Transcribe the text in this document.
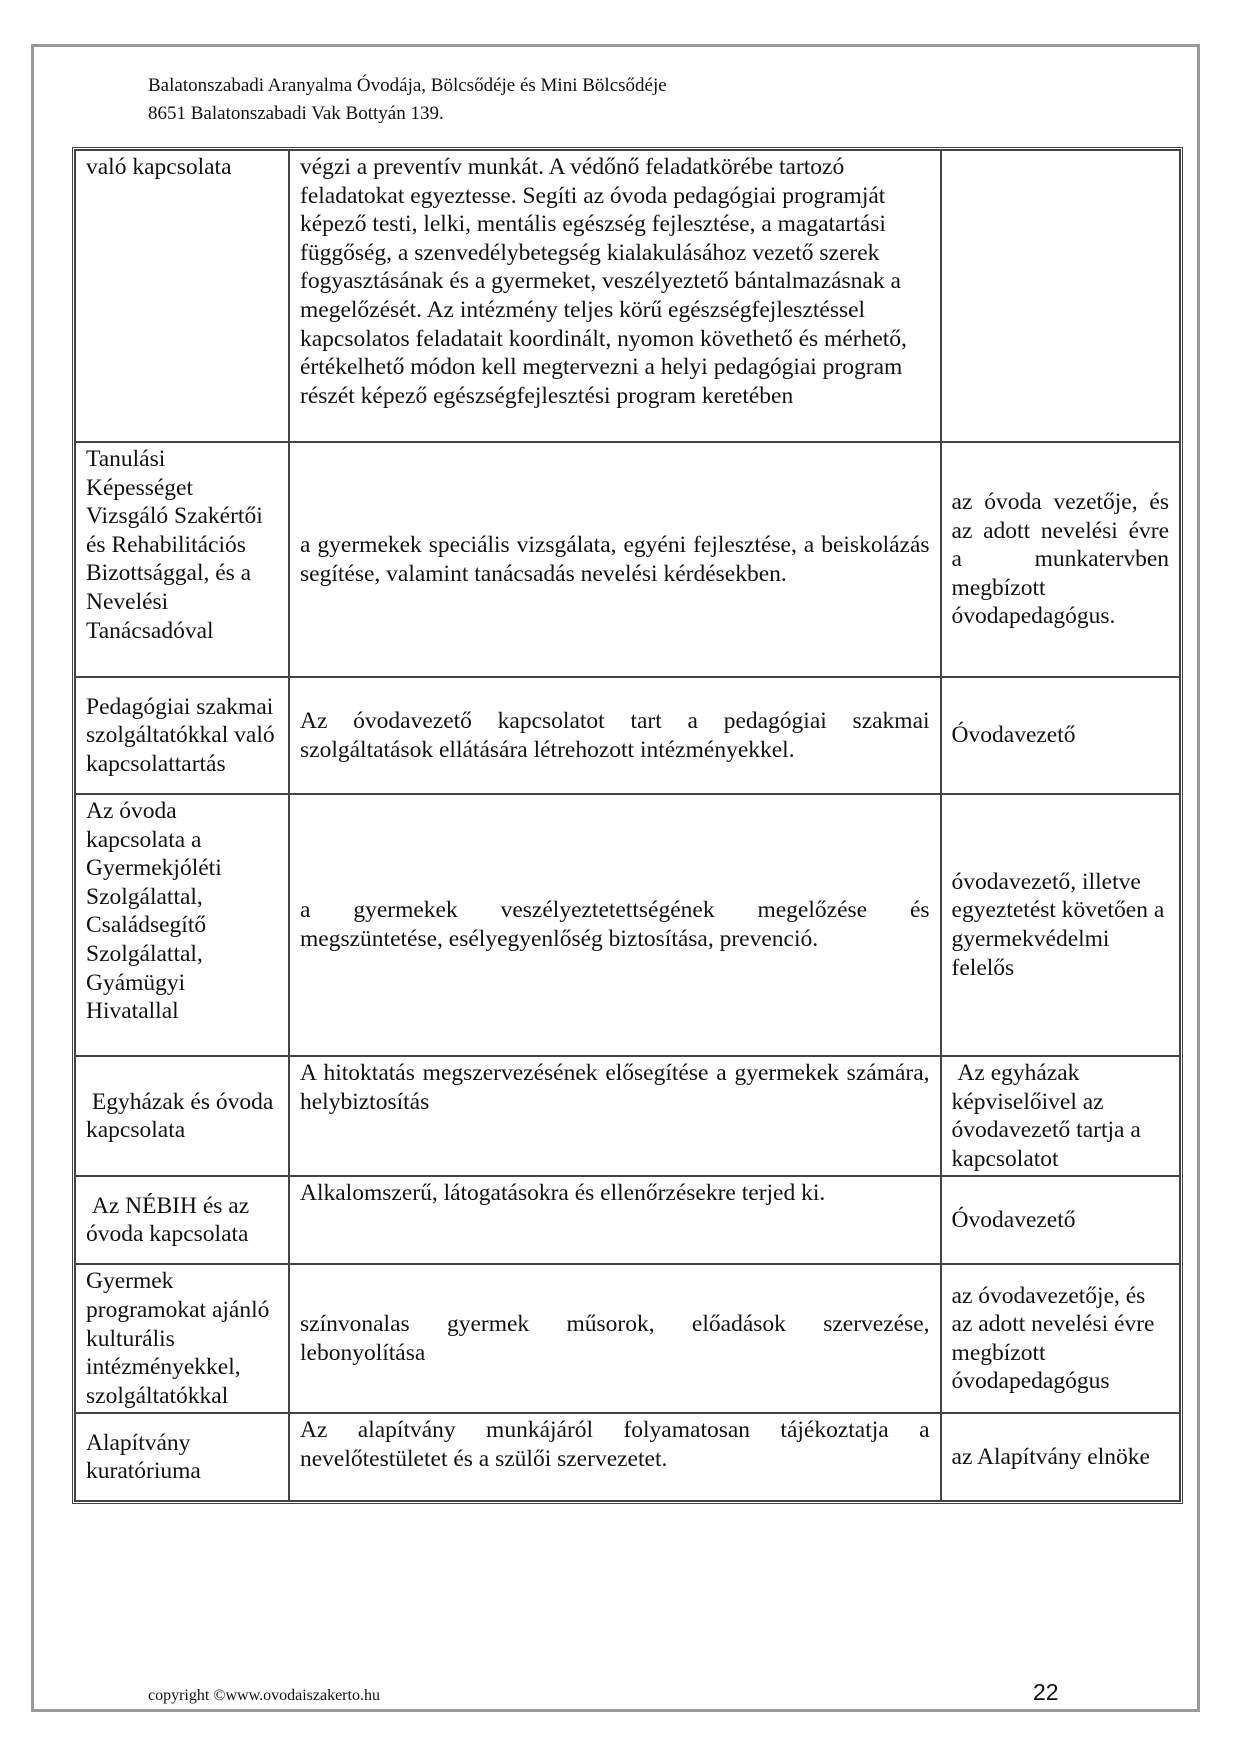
Balatonszabadi Aranyalma Óvodája, Bölcsődéje és Mini Bölcsődéje
8651 Balatonszabadi Vak Bottyán 139.
való kapcsolata	végzi a preventív munkát. A védőnő feladatkörébe tartozó feladatokat egyeztesse. Segíti az óvoda pedagógiai programját képező testi, lelki, mentális egészség fejlesztése, a magatartási függőség, a szenvedélybetegség kialakulásához vezető szerek fogyasztásának és a gyermeket, veszélyeztető bántalmazásnak a megelőzését. Az intézmény teljes körű egészségfejlesztéssel kapcsolatos feladatait koordinált, nyomon követhető és mérhető, értékelhető módon kell megtervezni a helyi pedagógiai program részét képező egészségfejlesztési program keretében	
Tanulási Képességet Vizsgáló Szakértői és Rehabilitációs Bizottsággal, és a Nevelési Tanácsadóval	a gyermekek speciális vizsgálata, egyéni fejlesztése, a beiskolázás segítése, valamint tanácsadás nevelési kérdésekben.	az óvoda vezetője, és az adott nevelési évre a munkatervben megbízott óvodapedagógus.
Pedagógiai szakmai szolgáltatókkal való kapcsolattartás	Az óvodavezető kapcsolatot tart a pedagógiai szakmai szolgáltatások ellátására létrehozott intézményekkel.	Óvodavezető
Az óvoda kapcsolata a Gyermekjóléti Szolgálattal, Családsegítő Szolgálattal, Gyámügyi Hivatallal	a gyermekek veszélyeztetettségének megelőzése és megszüntetése, esélyegyenlőség biztosítása, prevenció.	óvodavezető, illetve egyeztetést követően a gyermekvédelmi felelős
Egyházak és óvoda kapcsolata	A hitoktatás megszervezésének elősegítése a gyermekek számára, helybiztosítás	Az egyházak képviselőivel az óvodavezető tartja a kapcsolatot
Az NÉBIH és az óvoda kapcsolata	Alkalomszerű, látogatásokra és ellenőrzésekre terjed ki.	Óvodavezető
Gyermek programokat ajánló kulturális intézményekkel, szolgáltatókkal	színvonalas gyermek műsorok, előadások szervezése, lebonyolítása	az óvodavezetője, és az adott nevelési évre megbízott óvodapedagógus
Alapítvány kuratóriuma	Az alapítvány munkájáról folyamatosan tájékoztatja a nevelőtestületet és a szülői szervezetet.	az Alapítvány elnöke
copyright ©www.ovodaiszakerto.hu	22
